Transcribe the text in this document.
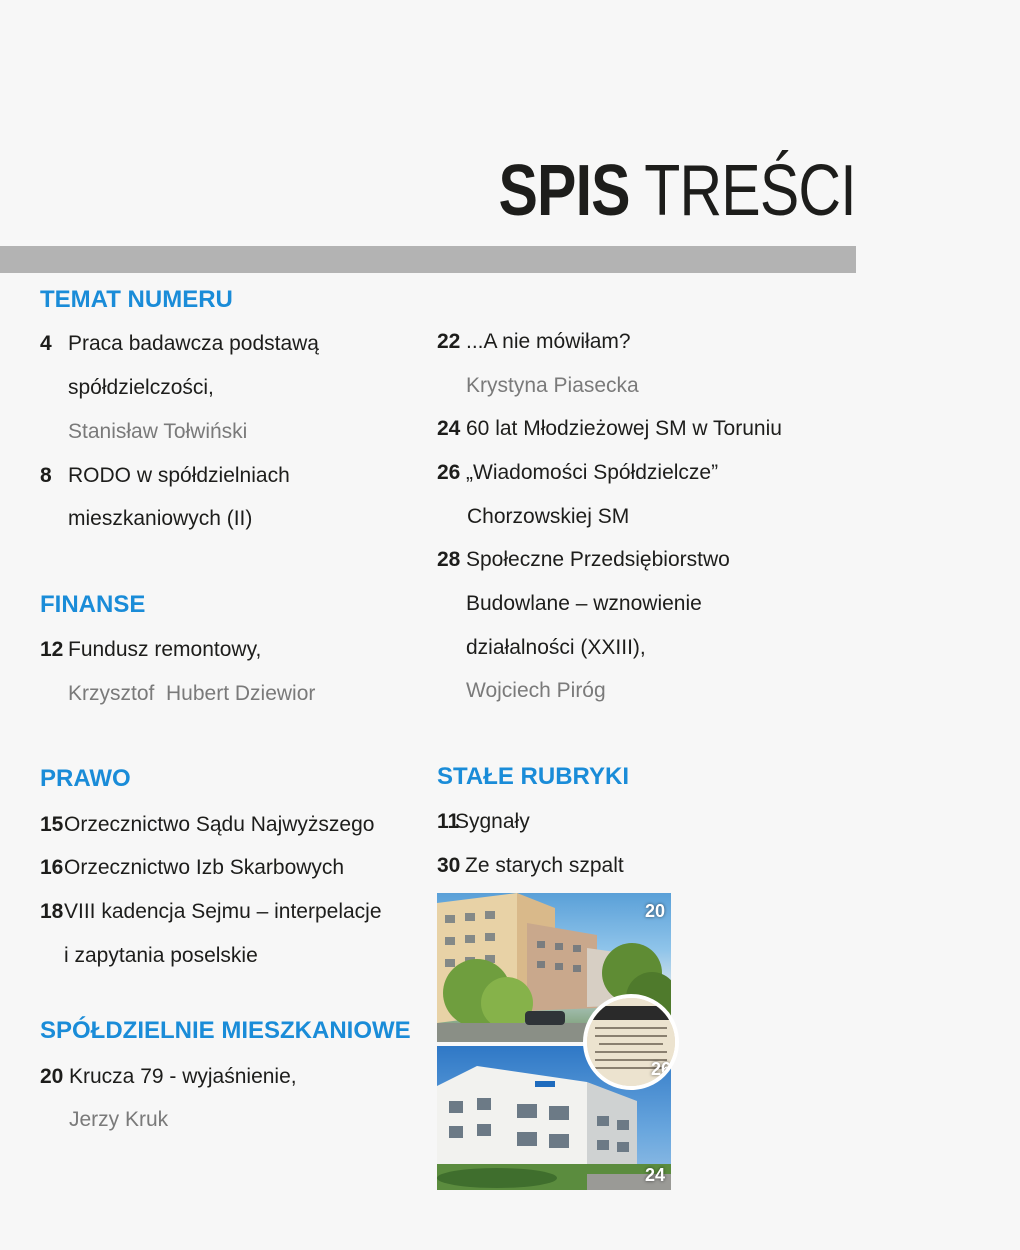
SPIS TREŚCI
TEMAT NUMERU
4 Praca badawcza podstawą
spółdzielczości,
Stanisław Tołwiński
8 RODO w spółdzielniach
mieszkaniowych (II)
FINANSE
12 Fundusz remontowy,
Krzysztof  Hubert Dziewior
PRAWO
15 Orzecznictwo Sądu Najwyższego
16 Orzecznictwo Izb Skarbowych
18 VIII kadencja Sejmu – interpelacje
i zapytania poselskie
SPÓŁDZIELNIE MIESZKANIOWE
20 Krucza 79 - wyjaśnienie,
Jerzy Kruk
22 ...A nie mówiłam?
Krystyna Piasecka
24 60 lat Młodzieżowej SM w Toruniu
26 „Wiadomości Spółdzielcze”
Chorzowskiej SM
28 Społeczne Przedsiębiorstwo
Budowlane – wznowienie
działalności (XXIII),
Wojciech Piróg
STAŁE RUBRYKI
11
Sygnały
30 Ze starych szpalt
20
24
26
